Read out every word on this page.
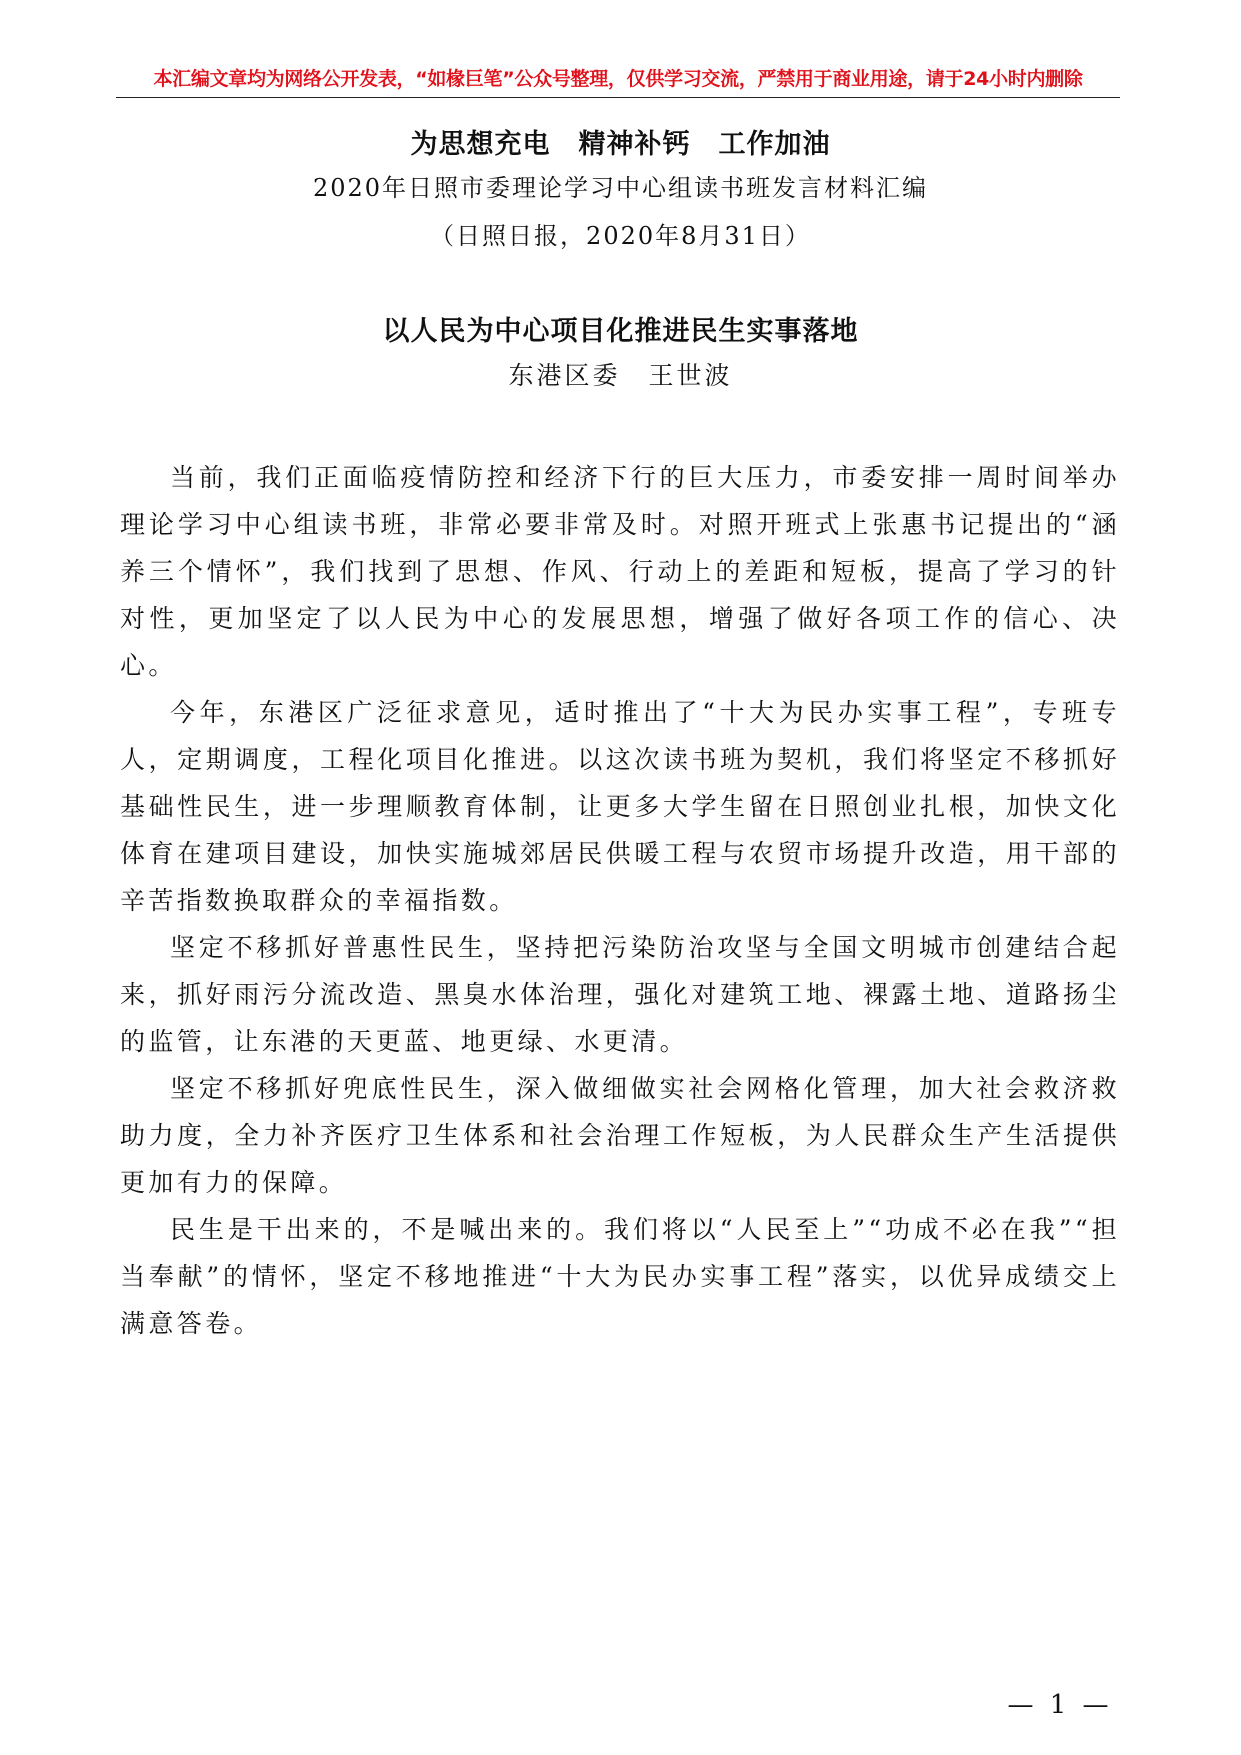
本汇编文章均为网络公开发表，“如椽巨笔”公众号整理，仅供学习交流，严禁用于商业用途，请于24小时内删除
为思想充电　精神补钙　工作加油
2020年日照市委理论学习中心组读书班发言材料汇编
（日照日报，2020年8月31日）
以人民为中心项目化推进民生实事落地
东港区委　王世波

当前，我们正面临疫情防控和经济下行的巨大压力，市委安排一周时间举办理论学习中心组读书班，非常必要非常及时。对照开班式上张惠书记提出的“涵养三个情怀”，我们找到了思想、作风、行动上的差距和短板，提高了学习的针对性，更加坚定了以人民为中心的发展思想，增强了做好各项工作的信心、决心。

今年，东港区广泛征求意见，适时推出了“十大为民办实事工程”，专班专人，定期调度，工程化项目化推进。以这次读书班为契机，我们将坚定不移抓好基础性民生，进一步理顺教育体制，让更多大学生留在日照创业扎根，加快文化体育在建项目建设，加快实施城郊居民供暖工程与农贸市场提升改造，用干部的辛苦指数换取群众的幸福指数。

坚定不移抓好普惠性民生，坚持把污染防治攻坚与全国文明城市创建结合起来，抓好雨污分流改造、黑臭水体治理，强化对建筑工地、裸露土地、道路扬尘的监管，让东港的天更蓝、地更绿、水更清。

坚定不移抓好兜底性民生，深入做细做实社会网格化管理，加大社会救济救助力度，全力补齐医疗卫生体系和社会治理工作短板，为人民群众生产生活提供更加有力的保障。

民生是干出来的，不是喊出来的。我们将以“人民至上”“功成不必在我”“担当奉献”的情怀，坚定不移地推进“十大为民办实事工程”落实，以优异成绩交上满意答卷。

— 1 —
